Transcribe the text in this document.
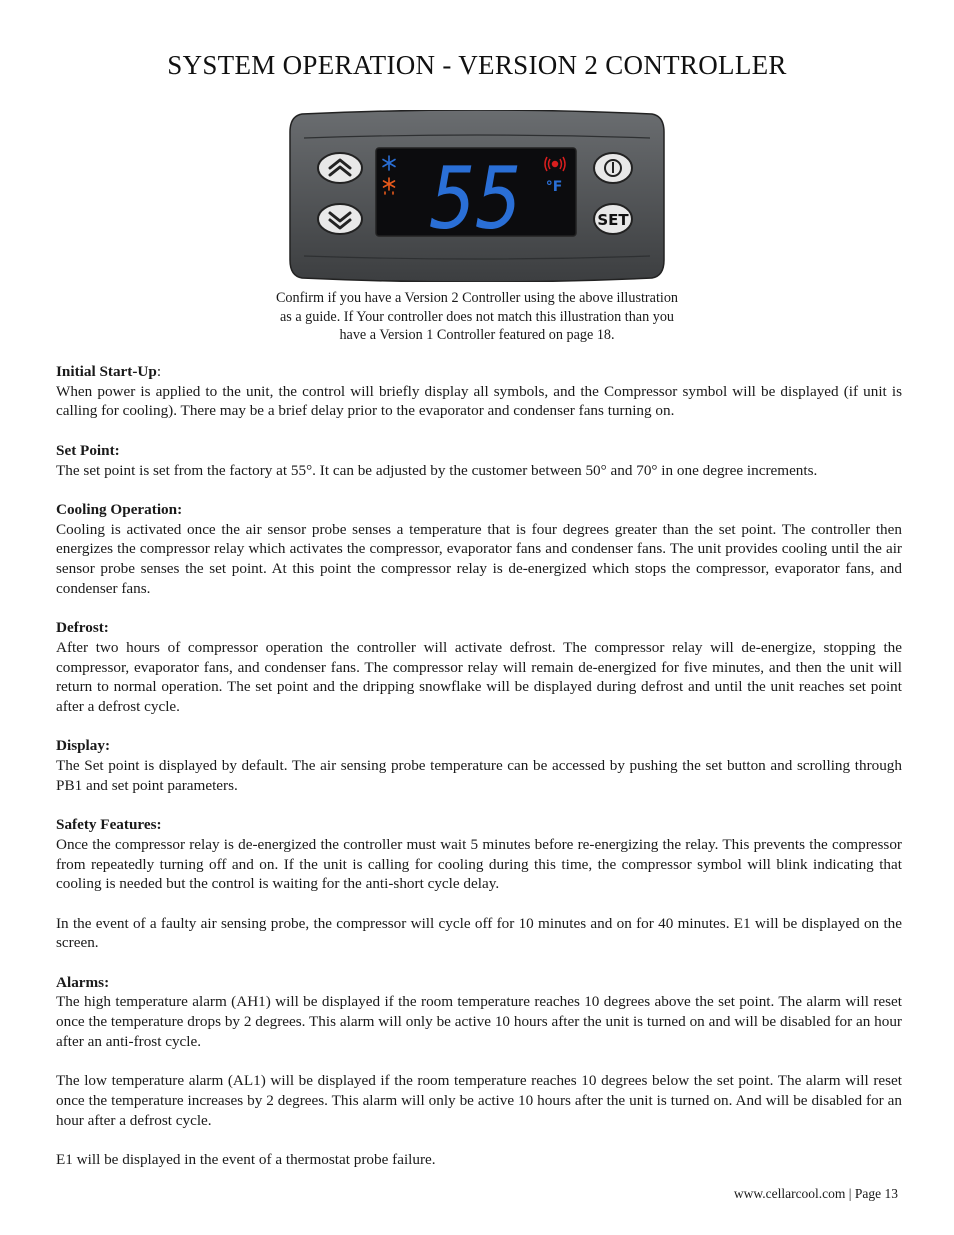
SYSTEM OPERATION - VERSION 2 CONTROLLER
SET
°F
55
Confirm if you have a Version 2 Controller using the above illustration
as a guide. If Your controller does not match this illustration than you
have a Version 1 Controller featured on page 18.
Initial Start-Up:

When power is applied to the unit, the control will briefly display all symbols, and the Compressor symbol will be displayed (if unit is calling for cooling). There may be a brief delay prior to the evaporator and condenser fans turning on.

Set Point:

The set point is set from the factory at 55°. It can be adjusted by the customer between 50° and 70° in one degree increments.

Cooling Operation:

Cooling is activated once the air sensor probe senses a temperature that is four degrees greater than the set point. The controller then energizes the compressor relay which activates the compressor, evaporator fans and condenser fans. The unit provides cooling until the air sensor probe senses the set point. At this point the compressor relay is de-energized which stops the compressor, evaporator fans, and condenser fans.

Defrost:

After two hours of compressor operation the controller will activate defrost. The compressor relay will de-energize, stopping the compressor, evaporator fans, and condenser fans. The compressor relay will remain de-energized for five minutes, and then the unit will return to normal operation. The set point and the dripping snowflake will be displayed during defrost and until the unit reaches set point after a defrost cycle.

Display:

The Set point is displayed by default. The air sensing probe temperature can be accessed by pushing the set button and scrolling through PB1 and set point parameters.

Safety Features:

Once the compressor relay is de-energized the controller must wait 5 minutes before re-energizing the relay. This prevents the compressor from repeatedly turning off and on. If the unit is calling for cooling during this time, the compressor symbol will blink indicating that cooling is needed but the control is waiting for the anti-short cycle delay.

In the event of a faulty air sensing probe, the compressor will cycle off for 10 minutes and on for 40 minutes. E1 will be displayed on the screen.

Alarms:

The high temperature alarm (AH1) will be displayed if the room temperature reaches 10 degrees above the set point. The alarm will reset once the temperature drops by 2 degrees. This alarm will only be active 10 hours after the unit is turned on and will be disabled for an hour after an anti-frost cycle.

The low temperature alarm (AL1) will be displayed if the room temperature reaches 10 degrees below the set point. The alarm will reset once the temperature increases by 2 degrees. This alarm will only be active 10 hours after the unit is turned on. And will be disabled for an hour after a defrost cycle.

E1 will be displayed in the event of a thermostat probe failure.

www.cellarcool.com | Page 13
